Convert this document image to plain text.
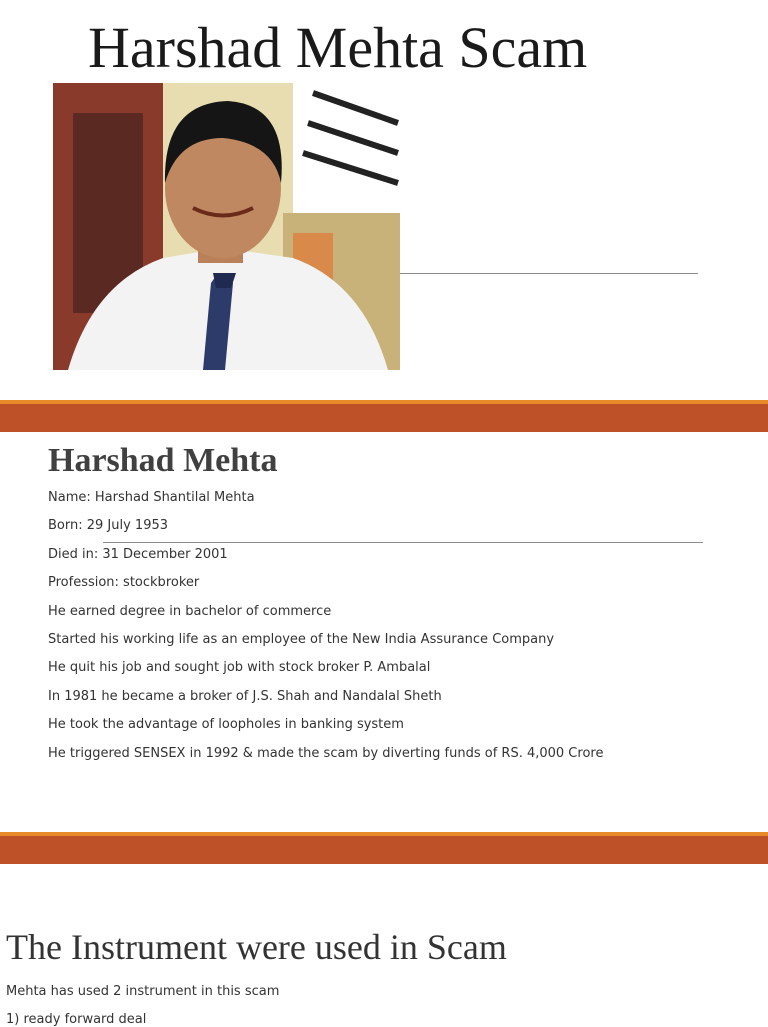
Harshad Mehta Scam
Harshad Mehta
Name: Harshad Shantilal Mehta
Born: 29 July 1953
Died in: 31 December 2001
Profession: stockbroker
He earned degree in bachelor of commerce
Started his working life as an employee of the New India Assurance Company
He quit his job and sought job with stock broker P. Ambalal
In 1981 he became a broker of J.S. Shah and Nandalal Sheth
He took the advantage of loopholes in banking system
He triggered SENSEX in 1992 & made the scam by diverting funds of RS. 4,000 Crore
The Instrument were used in Scam

Mehta has used 2 instrument in this scam

1) ready forward deal
